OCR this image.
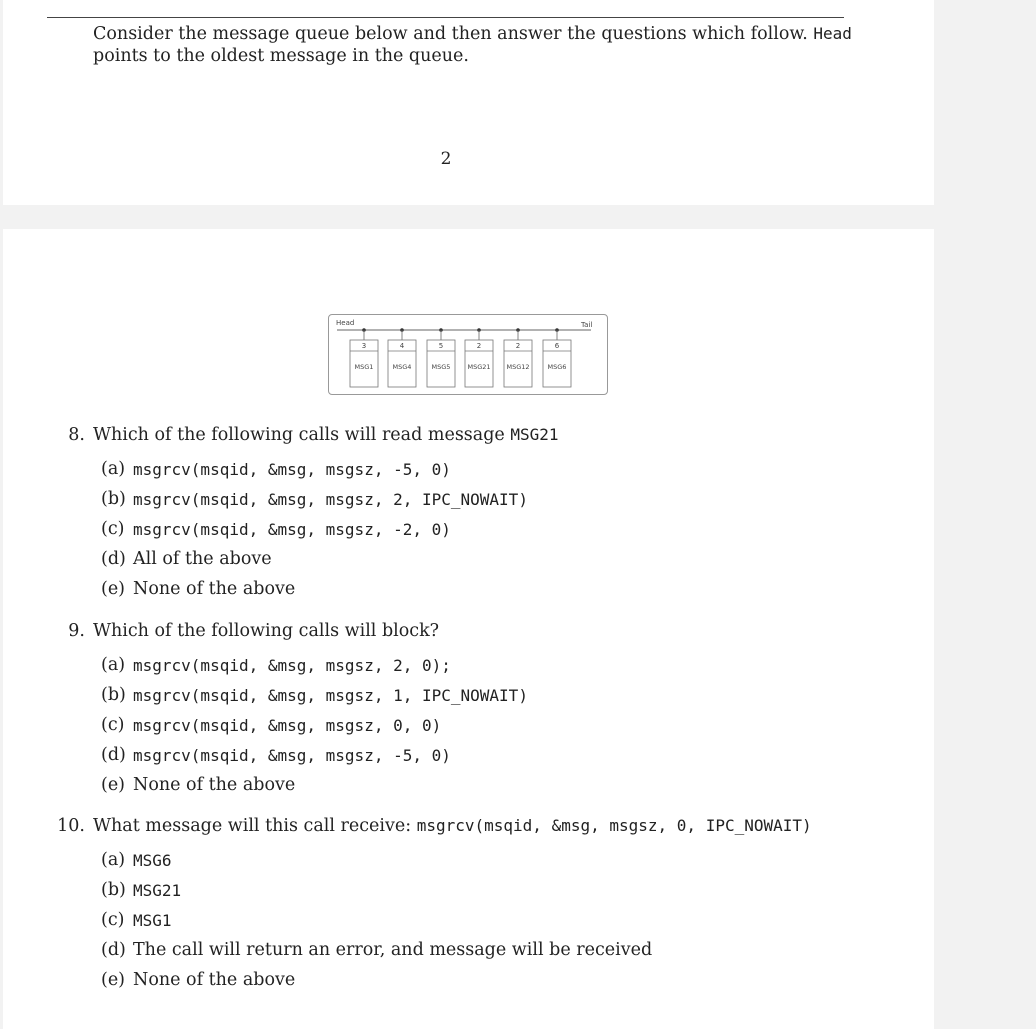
Consider the message queue below and then answer the questions which follow. Head points to the oldest message in the queue.
2
Head	Tail
3
MSG1
4
MSG4
5
MSG5
2
MSG21
2
MSG12
6
MSG6
8. Which of the following calls will read message MSG21
(a) msgrcv(msqid, &msg, msgsz, -5, 0)
(b) msgrcv(msqid, &msg, msgsz, 2, IPC_NOWAIT)
(c) msgrcv(msqid, &msg, msgsz, -2, 0)
(d) All of the above
(e) None of the above
9. Which of the following calls will block?
(a) msgrcv(msqid, &msg, msgsz, 2, 0);
(b) msgrcv(msqid, &msg, msgsz, 1, IPC_NOWAIT)
(c) msgrcv(msqid, &msg, msgsz, 0, 0)
(d) msgrcv(msqid, &msg, msgsz, -5, 0)
(e) None of the above
10. What message will this call receive: msgrcv(msqid, &msg, msgsz, 0, IPC_NOWAIT)
(a) MSG6
(b) MSG21
(c) MSG1
(d) The call will return an error, and message will be received
(e) None of the above
